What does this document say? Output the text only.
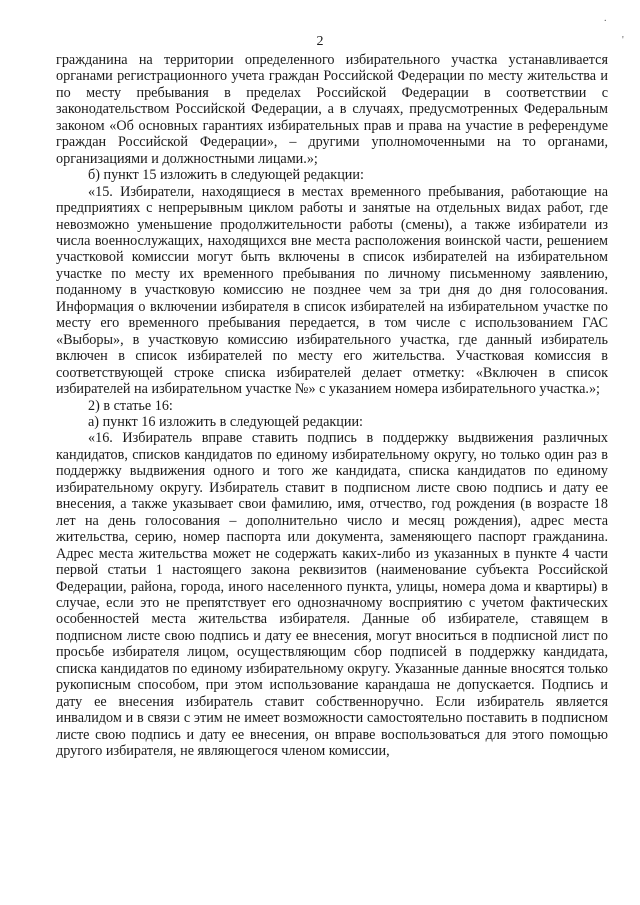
.
'
2

гражданина на территории определенного избирательного участка устанавливается органами регистрационного учета граждан Российской Федерации по месту жительства и по месту пребывания в пределах Российской Федерации в соответствии с законодательством Российской Федерации, а в случаях, предусмотренных Федеральным законом «Об основных гарантиях избирательных прав и права на участие в референдуме граждан Российской Федерации», – другими уполномоченными на то органами, организациями и должностными лицами.»;

б) пункт 15 изложить в следующей редакции:

«15. Избиратели, находящиеся в местах временного пребывания, работающие на предприятиях с непрерывным циклом работы и занятые на отдельных видах работ, где невозможно уменьшение продолжительности работы (смены), а также избиратели из числа военнослужащих, находящихся вне места расположения воинской части, решением участковой комиссии могут быть включены в список избирателей на избирательном участке по месту их временного пребывания по личному письменному заявлению, поданному в участковую комиссию не позднее чем за три дня до дня голосования. Информация о включении избирателя в список избирателей на избирательном участке по месту его временного пребывания передается, в том числе с использованием ГАС «Выборы», в участковую комиссию избирательного участка, где данный избиратель включен в список избирателей по месту его жительства. Участковая комиссия в соответствующей строке списка избирателей делает отметку: «Включен в список избирателей на избирательном участке №» с указанием номера избирательного участка.»;

2) в статье 16:

а) пункт 16 изложить в следующей редакции:

«16. Избиратель вправе ставить подпись в поддержку выдвижения различных кандидатов, списков кандидатов по единому избирательному округу, но только один раз в поддержку выдвижения одного и того же кандидата, списка кандидатов по единому избирательному округу. Избиратель ставит в подписном листе свою подпись и дату ее внесения, а также указывает свои фамилию, имя, отчество, год рождения (в возрасте 18 лет на день голосования – дополнительно число и месяц рождения), адрес места жительства, серию, номер паспорта или документа, заменяющего паспорт гражданина. Адрес места жительства может не содержать каких-либо из указанных в пункте 4 части первой статьи 1 настоящего закона реквизитов (наименование субъекта Российской Федерации, района, города, иного населенного пункта, улицы, номера дома и квартиры) в случае, если это не препятствует его однозначному восприятию с учетом фактических особенностей места жительства избирателя. Данные об избирателе, ставящем в подписном листе свою подпись и дату ее внесения, могут вноситься в подписной лист по просьбе избирателя лицом, осуществляющим сбор подписей в поддержку кандидата, списка кандидатов по единому избирательному округу. Указанные данные вносятся только рукописным способом, при этом использование карандаша не допускается. Подпись и дату ее внесения избиратель ставит собственноручно. Если избиратель является инвалидом и в связи с этим не имеет возможности самостоятельно поставить в подписном листе свою подпись и дату ее внесения, он вправе воспользоваться для этого помощью другого избирателя, не являющегося членом комиссии,
